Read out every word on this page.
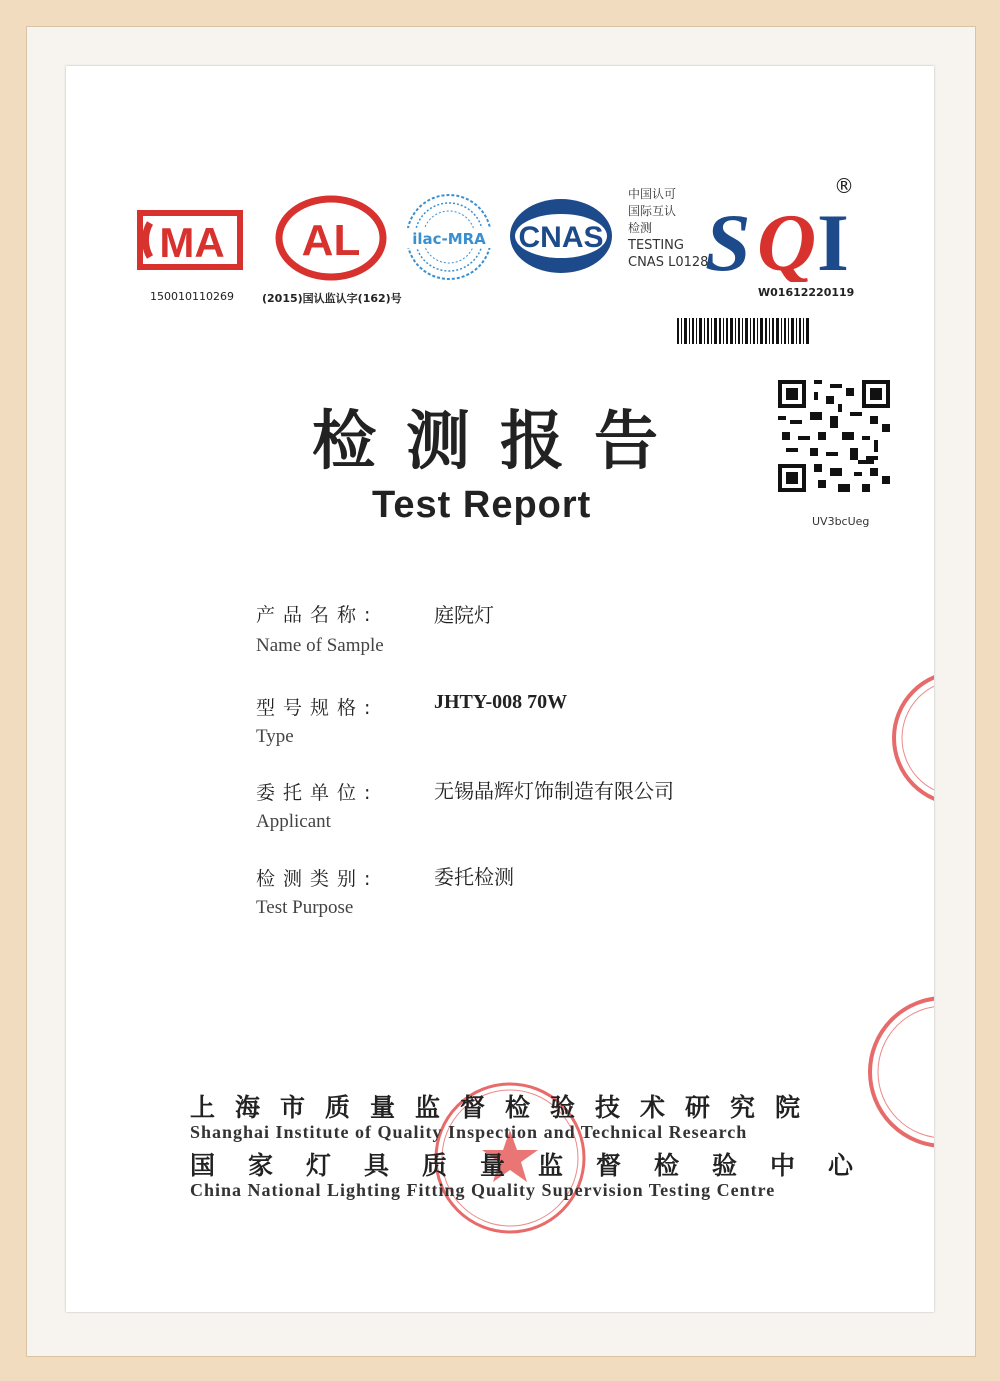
MA
150010110269
AL
(2015)国认监认字(162)号
ilac-MRA CNAS
中国认可
国际互认
检测
TESTING
CNAS L0128
S Q I
®
W01612220119
UV3bcUeg
检测报告
Test Report
产品名称:
Name of Sample
庭院灯
型号规格:
Type
JHTY-008 70W
委托单位:
Applicant
无锡晶辉灯饰制造有限公司
检测类别:
Test Purpose
委托检测
上海市质量监督检验技术研究院
Shanghai Institute of Quality Inspection and Technical Research
国家灯具质量监督检验中心
China National Lighting Fitting Quality Supervision Testing Centre
